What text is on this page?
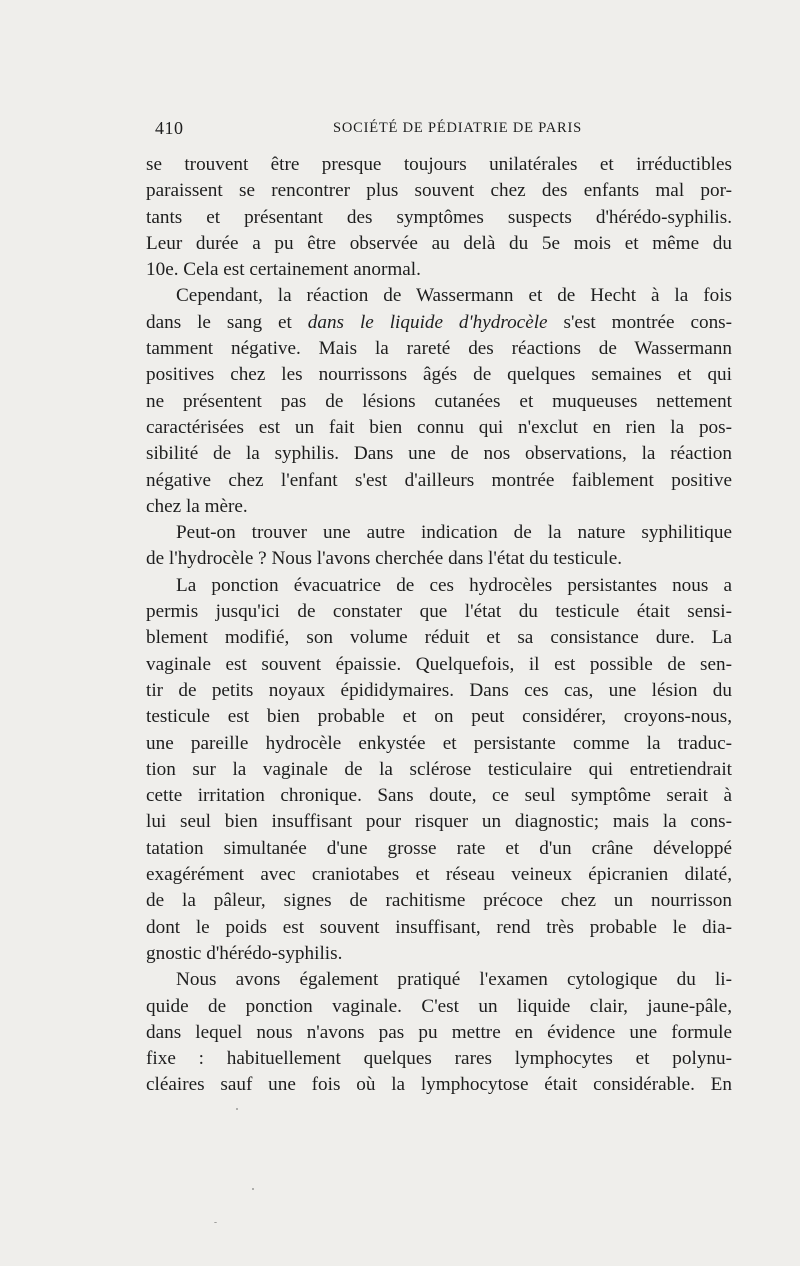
410	SOCIÉTÉ DE PÉDIATRIE DE PARIS
se trouvent être presque toujours unilatérales et irréductibles
paraissent se rencontrer plus souvent chez des enfants mal por-
tants et présentant des symptômes suspects d'hérédo-syphilis.
Leur durée a pu être observée au delà du 5e mois et même du
10e. Cela est certainement anormal.
Cependant, la réaction de Wassermann et de Hecht à la fois
dans le sang et dans le liquide d'hydrocèle s'est montrée cons-
tamment négative. Mais la rareté des réactions de Wassermann
positives chez les nourrissons âgés de quelques semaines et qui
ne présentent pas de lésions cutanées et muqueuses nettement
caractérisées est un fait bien connu qui n'exclut en rien la pos-
sibilité de la syphilis. Dans une de nos observations, la réaction
négative chez l'enfant s'est d'ailleurs montrée faiblement positive
chez la mère.
Peut-on trouver une autre indication de la nature syphilitique
de l'hydrocèle ? Nous l'avons cherchée dans l'état du testicule.
La ponction évacuatrice de ces hydrocèles persistantes nous a
permis jusqu'ici de constater que l'état du testicule était sensi-
blement modifié, son volume réduit et sa consistance dure. La
vaginale est souvent épaissie. Quelquefois, il est possible de sen-
tir de petits noyaux épididymaires. Dans ces cas, une lésion du
testicule est bien probable et on peut considérer, croyons-nous,
une pareille hydrocèle enkystée et persistante comme la traduc-
tion sur la vaginale de la sclérose testiculaire qui entretiendrait
cette irritation chronique. Sans doute, ce seul symptôme serait à
lui seul bien insuffisant pour risquer un diagnostic; mais la cons-
tatation simultanée d'une grosse rate et d'un crâne développé
exagérément avec craniotabes et réseau veineux épicranien dilaté,
de la pâleur, signes de rachitisme précoce chez un nourrisson
dont le poids est souvent insuffisant, rend très probable le dia-
gnostic d'hérédo-syphilis.
Nous avons également pratiqué l'examen cytologique du li-
quide de ponction vaginale. C'est un liquide clair, jaune-pâle,
dans lequel nous n'avons pas pu mettre en évidence une formule
fixe : habituellement quelques rares lymphocytes et polynu-
cléaires sauf une fois où la lymphocytose était considérable. En
